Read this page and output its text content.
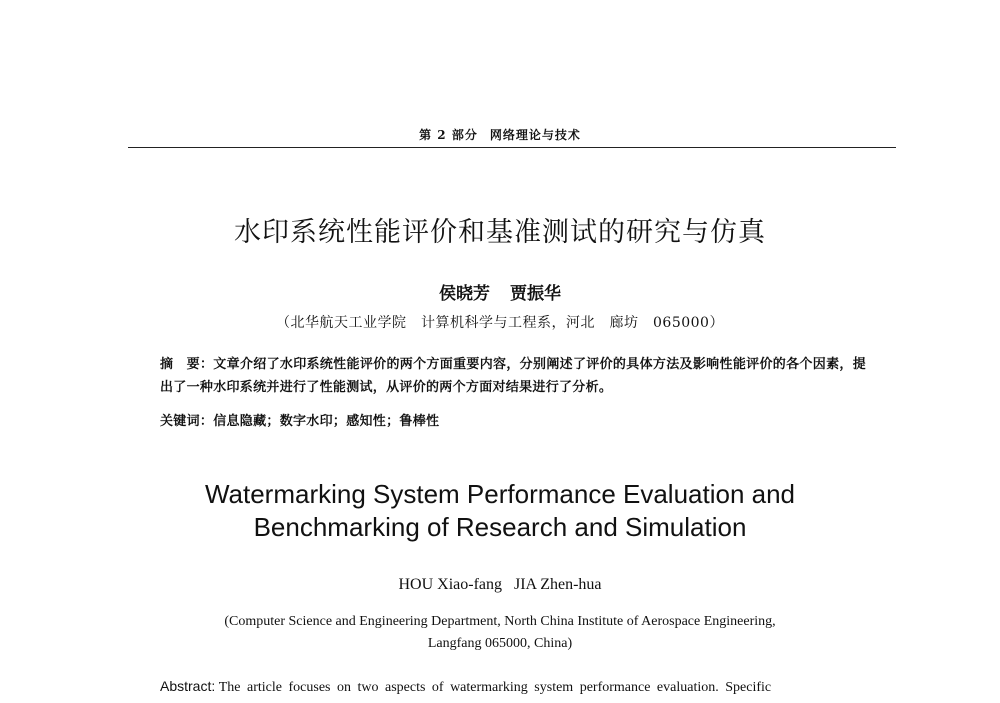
第 2 部分 网络理论与技术
水印系统性能评价和基准测试的研究与仿真
侯晓芳 贾振华
（北华航天工业学院　计算机科学与工程系，河北　廊坊　065000）
摘　要：文章介绍了水印系统性能评价的两个方面重要内容，分别阐述了评价的具体方法及影响性能评价的各个因素，提出了一种水印系统并进行了性能测试，从评价的两个方面对结果进行了分析。
关键词：信息隐藏；数字水印；感知性；鲁棒性
Watermarking System Performance Evaluation and
Benchmarking of Research and Simulation
HOU Xiao-fang JIA Zhen-hua
(Computer Science and Engineering Department, North China Institute of Aerospace Engineering,
Langfang 065000, China)
Abstract: The article focuses on two aspects of watermarking system performance evaluation. Specific
